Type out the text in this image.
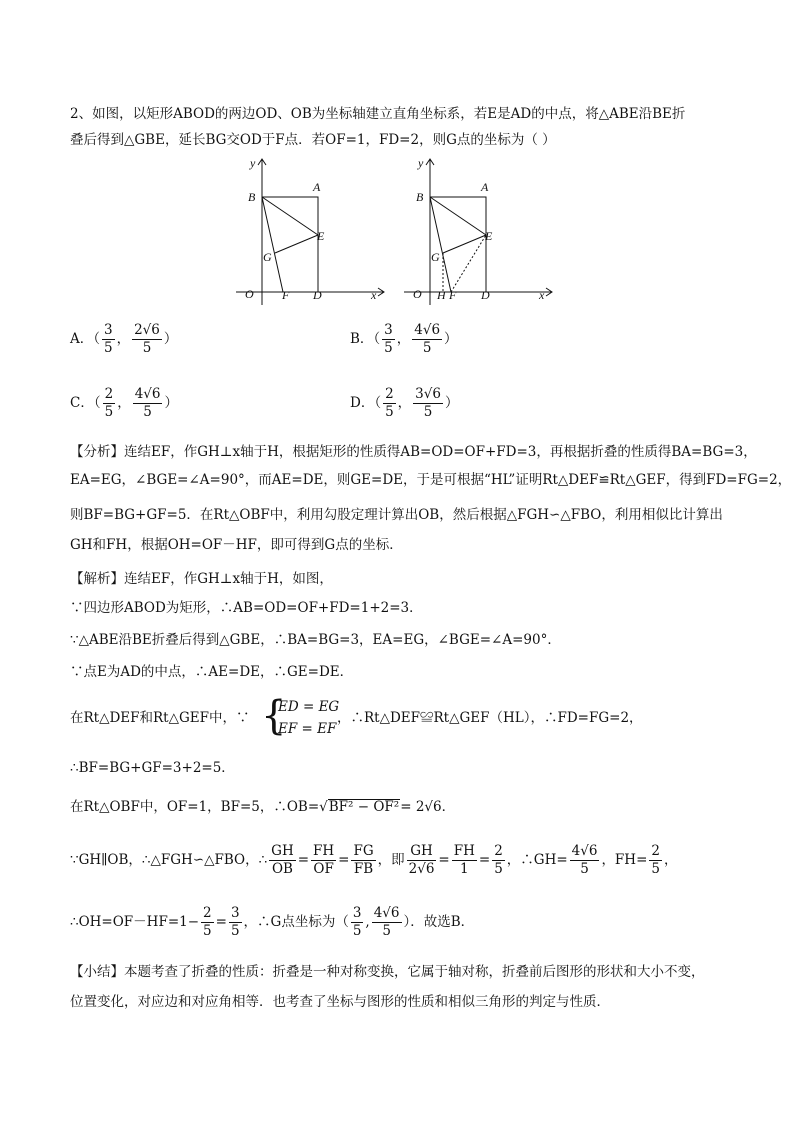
2、如图，以矩形ABOD的两边OD、OB为坐标轴建立直角坐标系，若E是AD的中点，将△ABE沿BE折
叠后得到△GBE，延长BG交OD于F点．若OF=1，FD=2，则G点的坐标为（ ）
y
B
A
E
G
O F D	x
y
B
A
E
G
O H F D	x
A．（ $\frac{3}{5}$ ， $\frac{2√6}{5}$ ）	B．（ $\frac{3}{5}$ ， $\frac{4√6}{5}$ ）
C．（ $\frac{2}{5}$ ， $\frac{4√6}{5}$ ）	D．（ $\frac{2}{5}$ ， $\frac{3√6}{5}$ ）
【分析】连结EF，作GH⊥x轴于H，根据矩形的性质得AB=OD=OF+FD=3，再根据折叠的性质得BA=BG=3，
EA=EG，∠BGE=∠A=90°，而AE=DE，则GE=DE，于是可根据“HL”证明Rt△DEF≌Rt△GEF，得到FD=FG=2，
则BF=BG+GF=5．在Rt△OBF中，利用勾股定理计算出OB，然后根据△FGH∽△FBO，利用相似比计算出
GH和FH，根据OH=OF－HF，即可得到G点的坐标．
【解析】连结EF，作GH⊥x轴于H，如图，
∵四边形ABOD为矩形，∴AB=OD=OF+FD=1+2=3．
∵△ABE沿BE折叠后得到△GBE，∴BA=BG=3，EA=EG，∠BGE=∠A=90°．
∵点E为AD的中点，∴AE=DE，∴GE=DE．
在Rt△DEF和Rt△GEF中，∵ {
ED = EG
EF = EF
，∴Rt△DEF≌Rt△GEF（HL），∴FD=FG=2，
∴BF=BG+GF=3+2=5．
在Rt△OBF中，OF=1，BF=5，∴OB=√BF² − OF²= 2√6．
∵GH∥OB，∴△FGH∽△FBO，∴ $\frac{GH}{OB} = \frac{FH}{OF} = \frac{FG}{FB}$ ，即 $\frac{GH}{2√6} = \frac{FH}{1} = \frac{2}{5}$ ，∴GH= $\frac{4√6}{5}$ ，$FH= \frac{2}{5}$ ，
∴OH=OF－HF=1− $\frac{2}{5} = \frac{3}{5}$ ，∴G点坐标为（ $\frac{3}{5}$ , $\frac{4√6}{5}$ ）．故选B．
【小结】本题考查了折叠的性质：折叠是一种对称变换，它属于轴对称，折叠前后图形的形状和大小不变，
位置变化，对应边和对应角相等．也考查了坐标与图形的性质和相似三角形的判定与性质．
